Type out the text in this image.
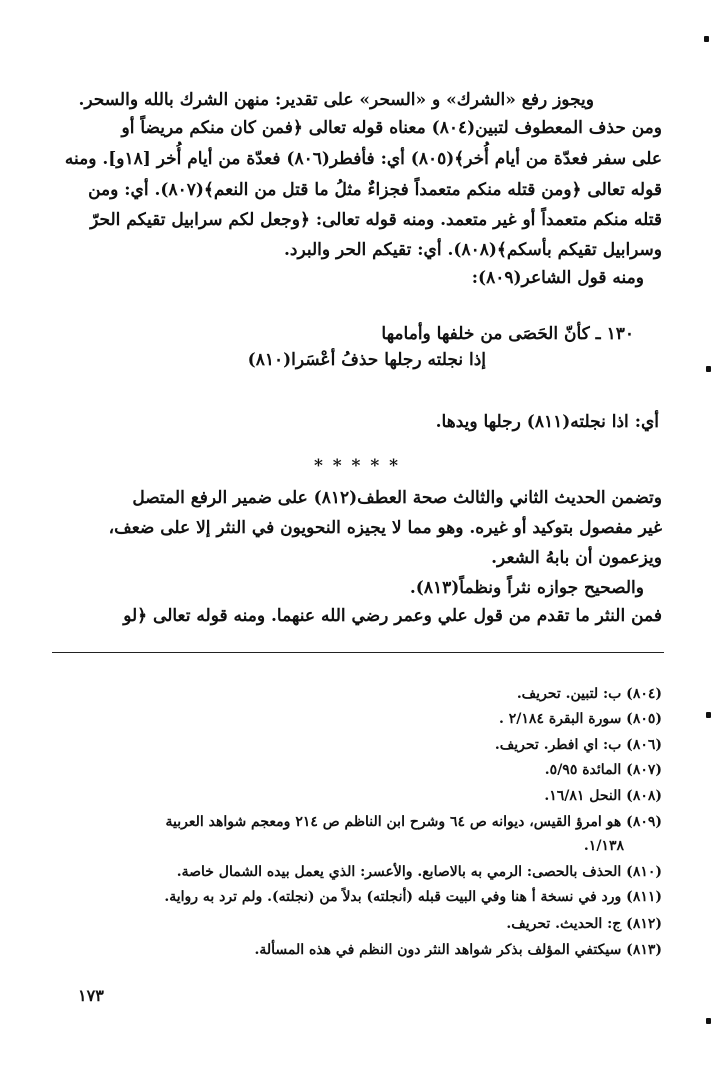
ويجوز رفع «الشرك» و «السحر» على تقدير: منهن الشرك بالله والسحر.
ومن حذف المعطوف لتبين(٨٠٤) معناه قوله تعالى ﴿فمن كان منكم مريضاً أو
على سفر فعدّة من أيام أُخر﴾(٨٠٥) أي: فأفطر(٨٠٦) فعدّة من أيام أُخر [١٨و]. ومنه
قوله تعالى ﴿ومن قتله منكم متعمداً فجزاءٌ مثلُ ما قتل من النعم﴾(٨٠٧). أي: ومن
قتله منكم متعمداً أو غير متعمد. ومنه قوله تعالى: ﴿وجعل لكم سرابيل تقيكم الحرّ
وسرابيل تقيكم بأسكم﴾(٨٠٨). أي: تقيكم الحر والبرد.
ومنه قول الشاعر(٨٠٩):
١٣٠ ـ كأنّ الحَصَى من خلفها وأمامها
إذا نجلته رجلها حذفُ أعْسَرا(٨١٠)
أي: اذا نجلته(٨١١) رجلها ويدها.
* * * * *
وتضمن الحديث الثاني والثالث صحة العطف(٨١٢) على ضمير الرفع المتصل
غير مفصول بتوكيد أو غيره. وهو مما لا يجيزه النحويون في النثر إلا على ضعف،
ويزعمون أن بابهُ الشعر.
والصحيح جوازه نثراً ونظماً(٨١٣).
فمن النثر ما تقدم من قول علي وعمر رضي الله عنهما. ومنه قوله تعالى ﴿لو
(٨٠٤) ب: لتبين. تحريف.
(٨٠٥) سورة البقرة ٢/١٨٤ .
(٨٠٦) ب: اي افطر. تحريف.
(٨٠٧) المائدة ٥/٩٥.
(٨٠٨) النحل ١٦/٨١.
(٨٠٩) هو امرؤ القيس، ديوانه ص ٦٤ وشرح ابن الناظم ص ٢١٤ ومعجم شواهد العربية
١/١٣٨.
(٨١٠) الحذف بالحصى: الرمي به بالاصابع. والأعسر: الذي يعمل بيده الشمال خاصة.
(٨١١) ورد في نسخة أ هنا وفي البيت قبله (أنجلته) بدلاً من (نجلته). ولم ترد به رواية.
(٨١٢) ج: الحديث. تحريف.
(٨١٣) سيكتفي المؤلف بذكر شواهد النثر دون النظم في هذه المسألة.
١٧٣
